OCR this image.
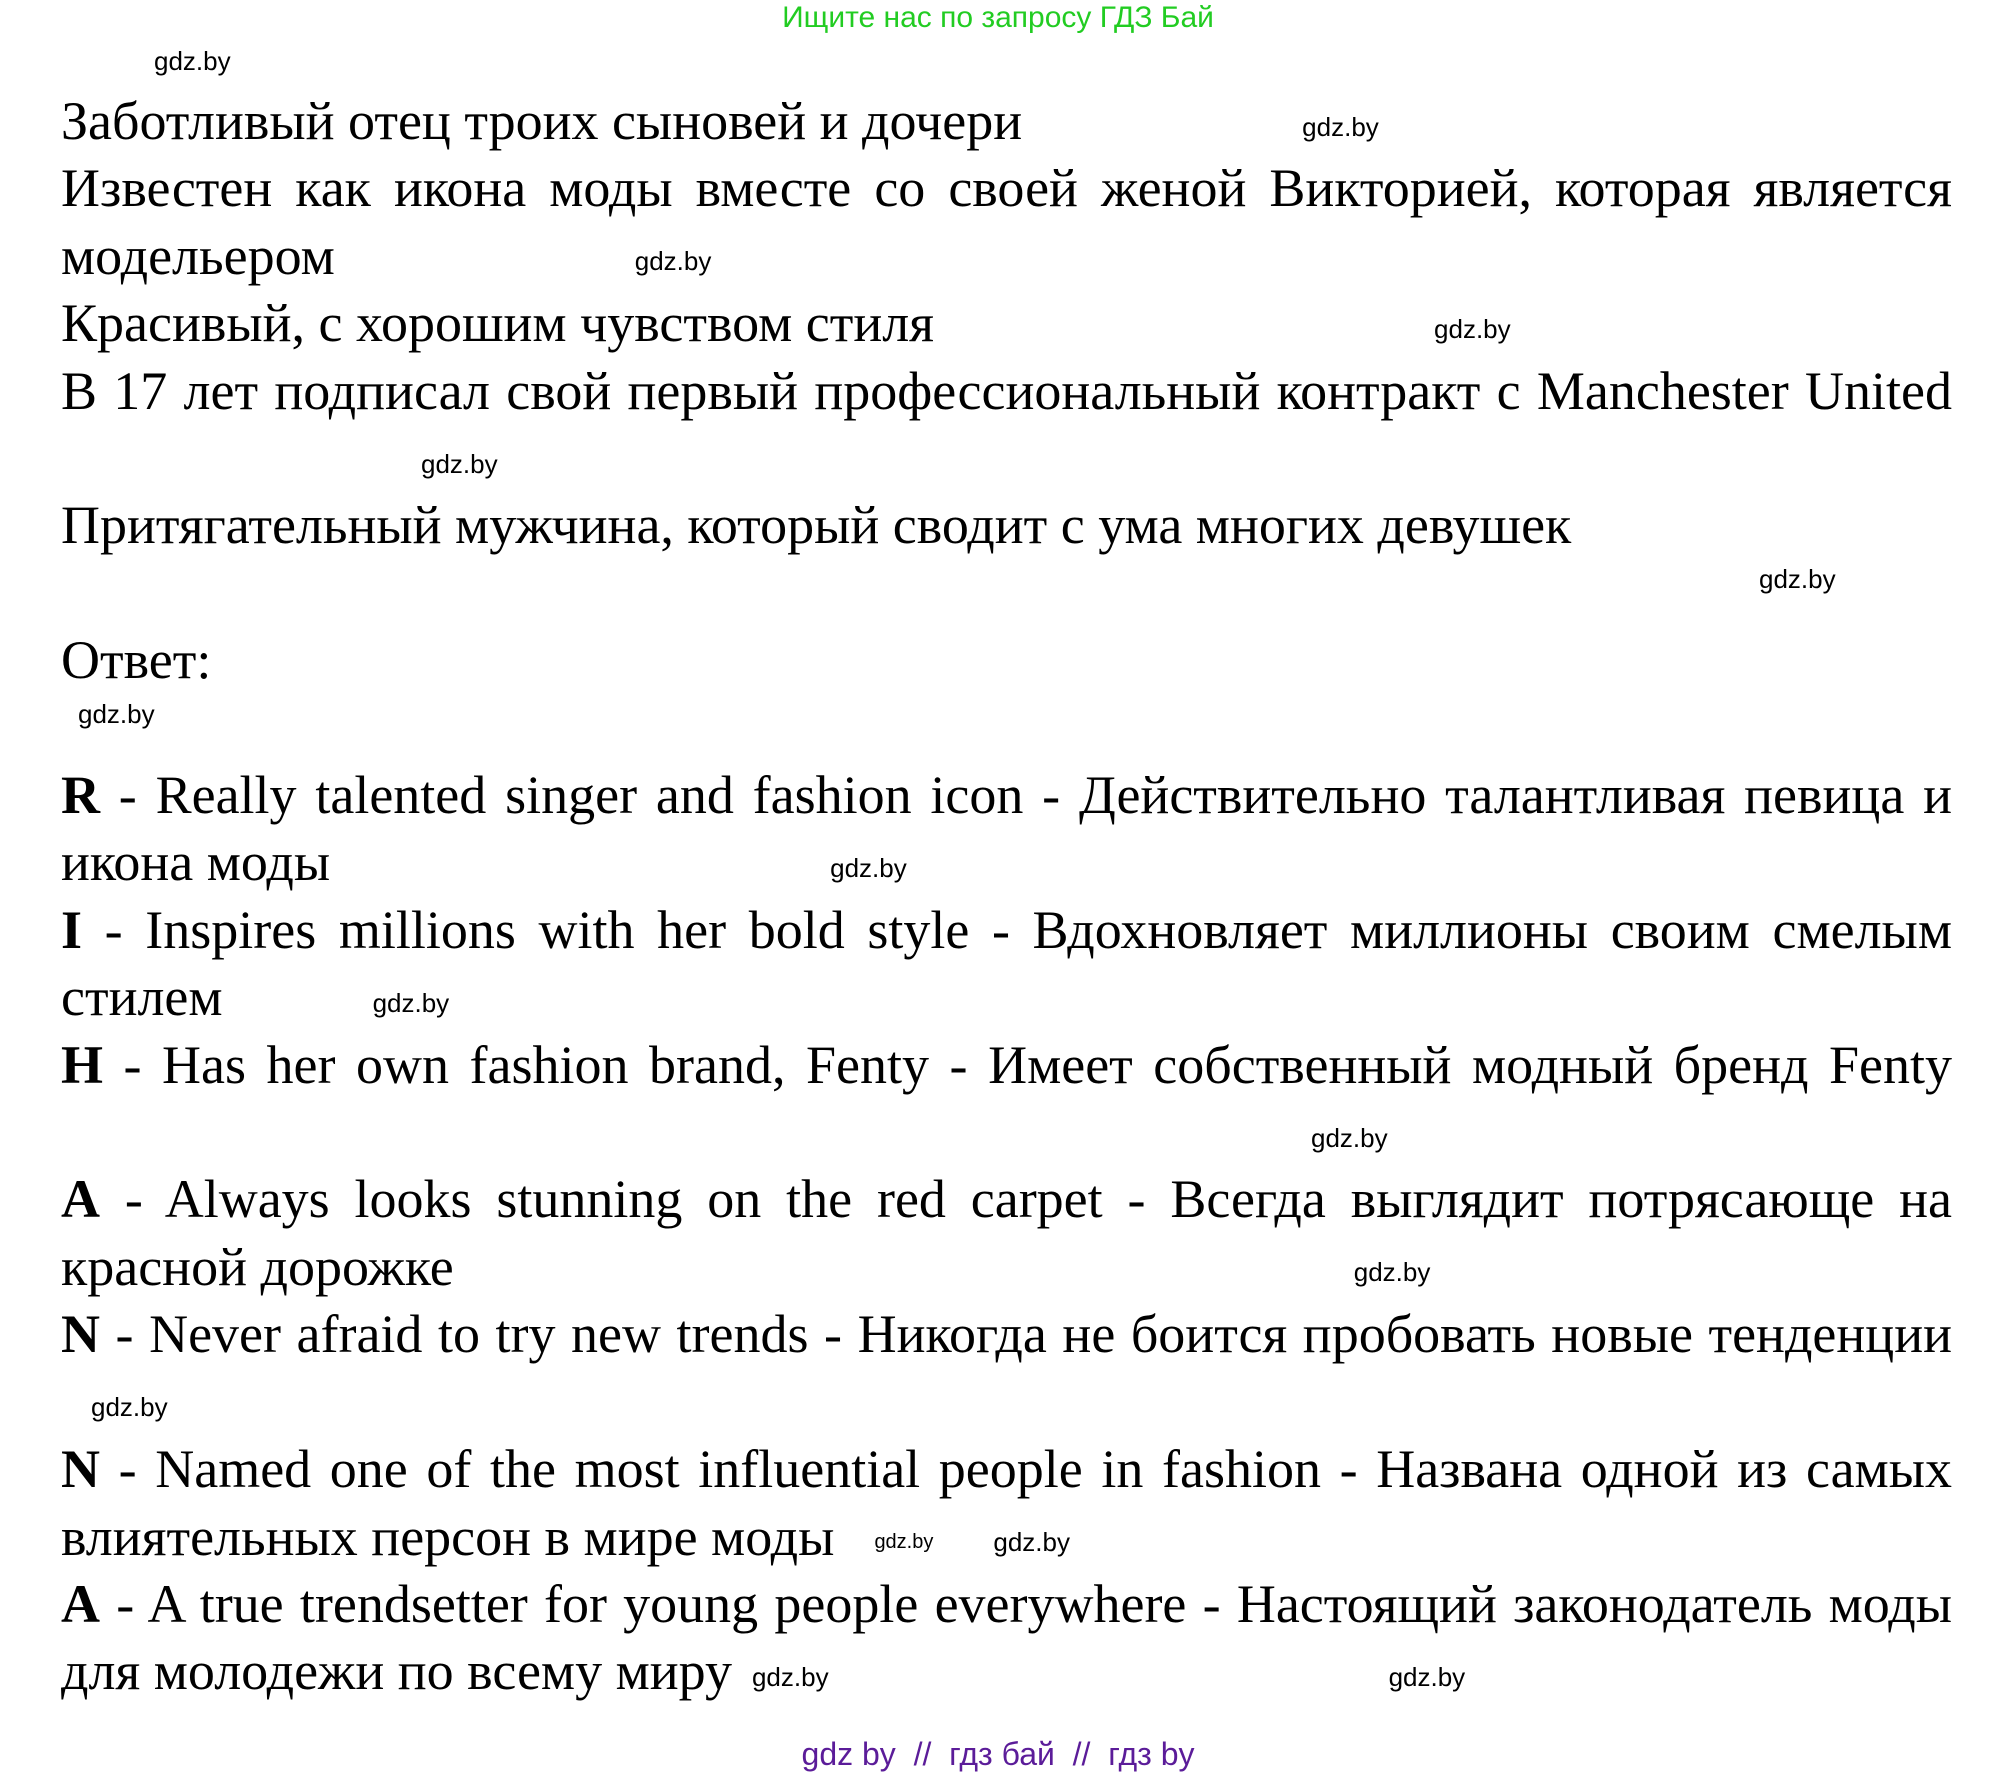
Ищите нас по запросу ГДЗ Бай
gdz.by

Заботливый отец троих сыновей и дочери	gdz.by

Известен как икона моды вместе со своей женой Викторией, которая является модельером	gdz.by

Красивый, с хорошим чувством стиля	gdz.by

В 17 лет подписал свой первый профессиональный контракт с Manchester Unitedgdz.by

Притягательный мужчина, который сводит с ума многих девушек

gdz.by

Ответ:

gdz.by

R - Really talented singer and fashion icon - Действительно талантливая певица и икона моды	gdz.by

I - Inspires millions with her bold style - Вдохновляет миллионы своим смелым стилем	gdz.by

H - Has her own fashion brand, Fenty - Имеет собственный модный бренд Fentygdz.by

A - Always looks stunning on the red carpet - Всегда выглядит потрясающе на красной дорожке	gdz.by

N - Never afraid to try new trends - Никогда не боится пробовать новые тенденцииgdz.by

N - Named one of the most influential people in fashion - Названа одной из самых влиятельных персон в мире моды gdz.by gdz.by

A - A true trendsetter for young people everywhere - Настоящий законодатель моды для молодежи по всему миру gdz.by	gdz.by

gdz by  //  гдз бай  //  гдз by
